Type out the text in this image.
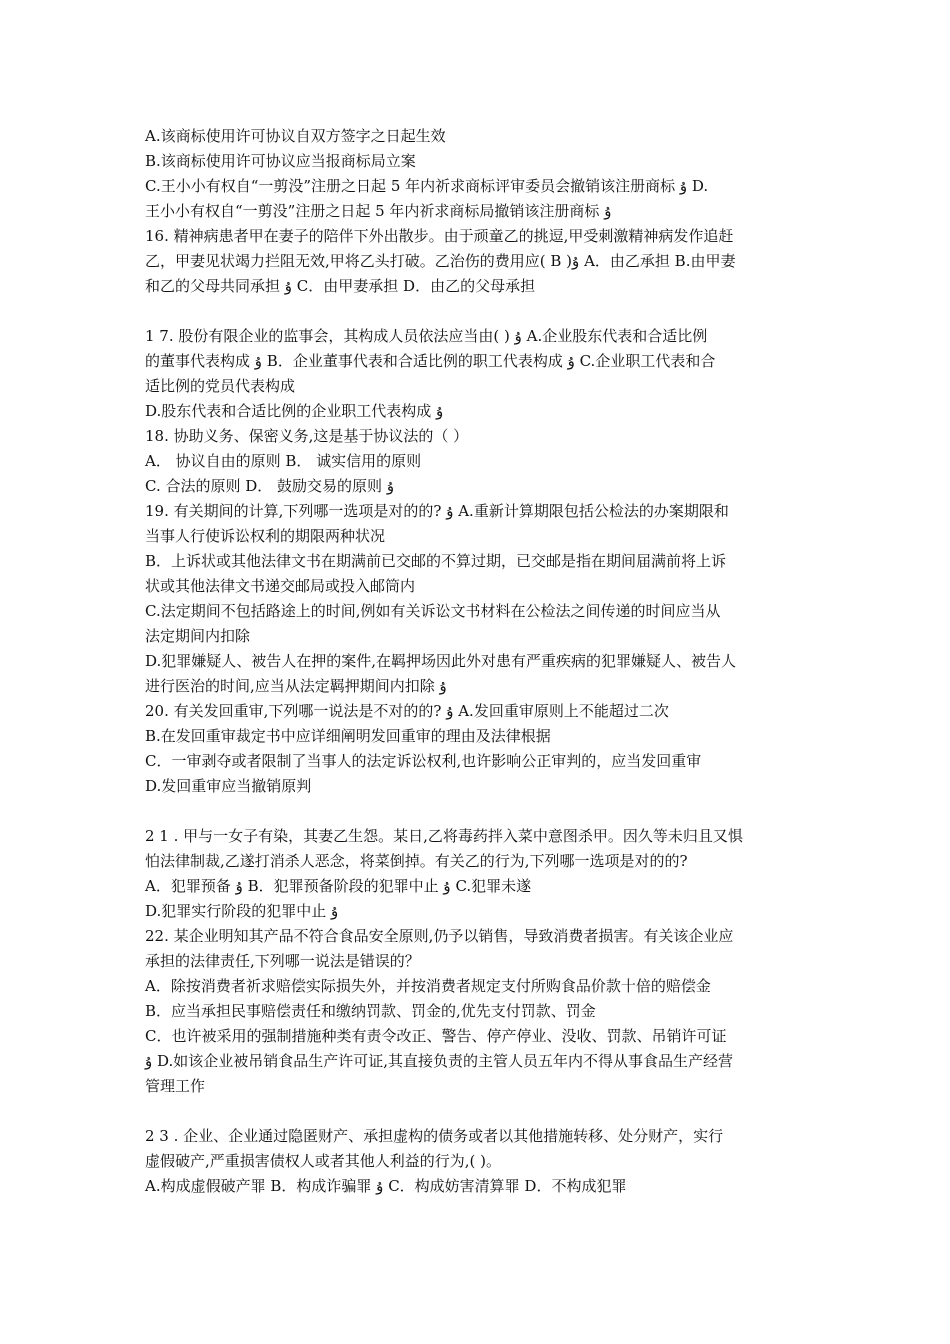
A.该商标使用许可协议自双方签字之日起生效
B.该商标使用许可协议应当报商标局立案
C.王小小有权自“一剪没”注册之日起 5 年内祈求商标评审委员会撤销该注册商标 ۇ D.
王小小有权自“一剪没”注册之日起 5 年内祈求商标局撤销该注册商标 ۇ
16. 精神病患者甲在妻子的陪伴下外出散步。由于顽童乙的挑逗,甲受刺激精神病发作追赶
乙，甲妻见状竭力拦阻无效,甲将乙头打破。乙治伤的费用应( B )ۇ A．由乙承担 B.由甲妻
和乙的父母共同承担 ۇ C．由甲妻承担 D．由乙的父母承担
1 7. 股份有限企业的监事会，其构成人员依法应当由( ) ۇ A.企业股东代表和合适比例
的董事代表构成 ۇ B．企业董事代表和合适比例的职工代表构成 ۇ C.企业职工代表和合
适比例的党员代表构成
D.股东代表和合适比例的企业职工代表构成 ۇ
18. 协助义务、保密义务,这是基于协议法的（ ）
A． 协议自由的原则 B． 诚实信用的原则
C. 合法的原则 D． 鼓励交易的原则 ۇ
19. 有关期间的计算,下列哪一选项是对的的? ۇ A.重新计算期限包括公检法的办案期限和
当事人行使诉讼权利的期限两种状况
B．上诉状或其他法律文书在期满前已交邮的不算过期，已交邮是指在期间届满前将上诉
状或其他法律文书递交邮局或投入邮筒内
C.法定期间不包括路途上的时间,例如有关诉讼文书材料在公检法之间传递的时间应当从
法定期间内扣除
D.犯罪嫌疑人、被告人在押的案件,在羁押场因此外对患有严重疾病的犯罪嫌疑人、被告人
进行医治的时间,应当从法定羁押期间内扣除 ۇ
20. 有关发回重审,下列哪一说法是不对的的? ۇ A.发回重审原则上不能超过二次
B.在发回重审裁定书中应详细阐明发回重审的理由及法律根据
C．一审剥夺或者限制了当事人的法定诉讼权利,也许影响公正审判的，应当发回重审
D.发回重审应当撤销原判
2 1 . 甲与一女子有染，其妻乙生怨。某日,乙将毒药拌入菜中意图杀甲。因久等未归且又惧
怕法律制裁,乙遂打消杀人恶念，将菜倒掉。有关乙的行为,下列哪一选项是对的的?
A．犯罪预备 ۇ B．犯罪预备阶段的犯罪中止 ۇ C.犯罪未遂
D.犯罪实行阶段的犯罪中止 ۇ
22. 某企业明知其产品不符合食品安全原则,仍予以销售，导致消费者损害。有关该企业应
承担的法律责任,下列哪一说法是错误的？
A．除按消费者祈求赔偿实际损失外，并按消费者规定支付所购食品价款十倍的赔偿金
B．应当承担民事赔偿责任和缴纳罚款、罚金的,优先支付罚款、罚金
C．也许被采用的强制措施种类有责令改正、警告、停产停业、没收、罚款、吊销许可证
ۇ D.如该企业被吊销食品生产许可证,其直接负责的主管人员五年内不得从事食品生产经营
管理工作
2 3 . 企业、企业通过隐匿财产、承担虚构的债务或者以其他措施转移、处分财产，实行
虚假破产,严重损害债权人或者其他人利益的行为,( )。
A.构成虚假破产罪 B．构成诈骗罪 ۇ C．构成妨害清算罪 D．不构成犯罪
